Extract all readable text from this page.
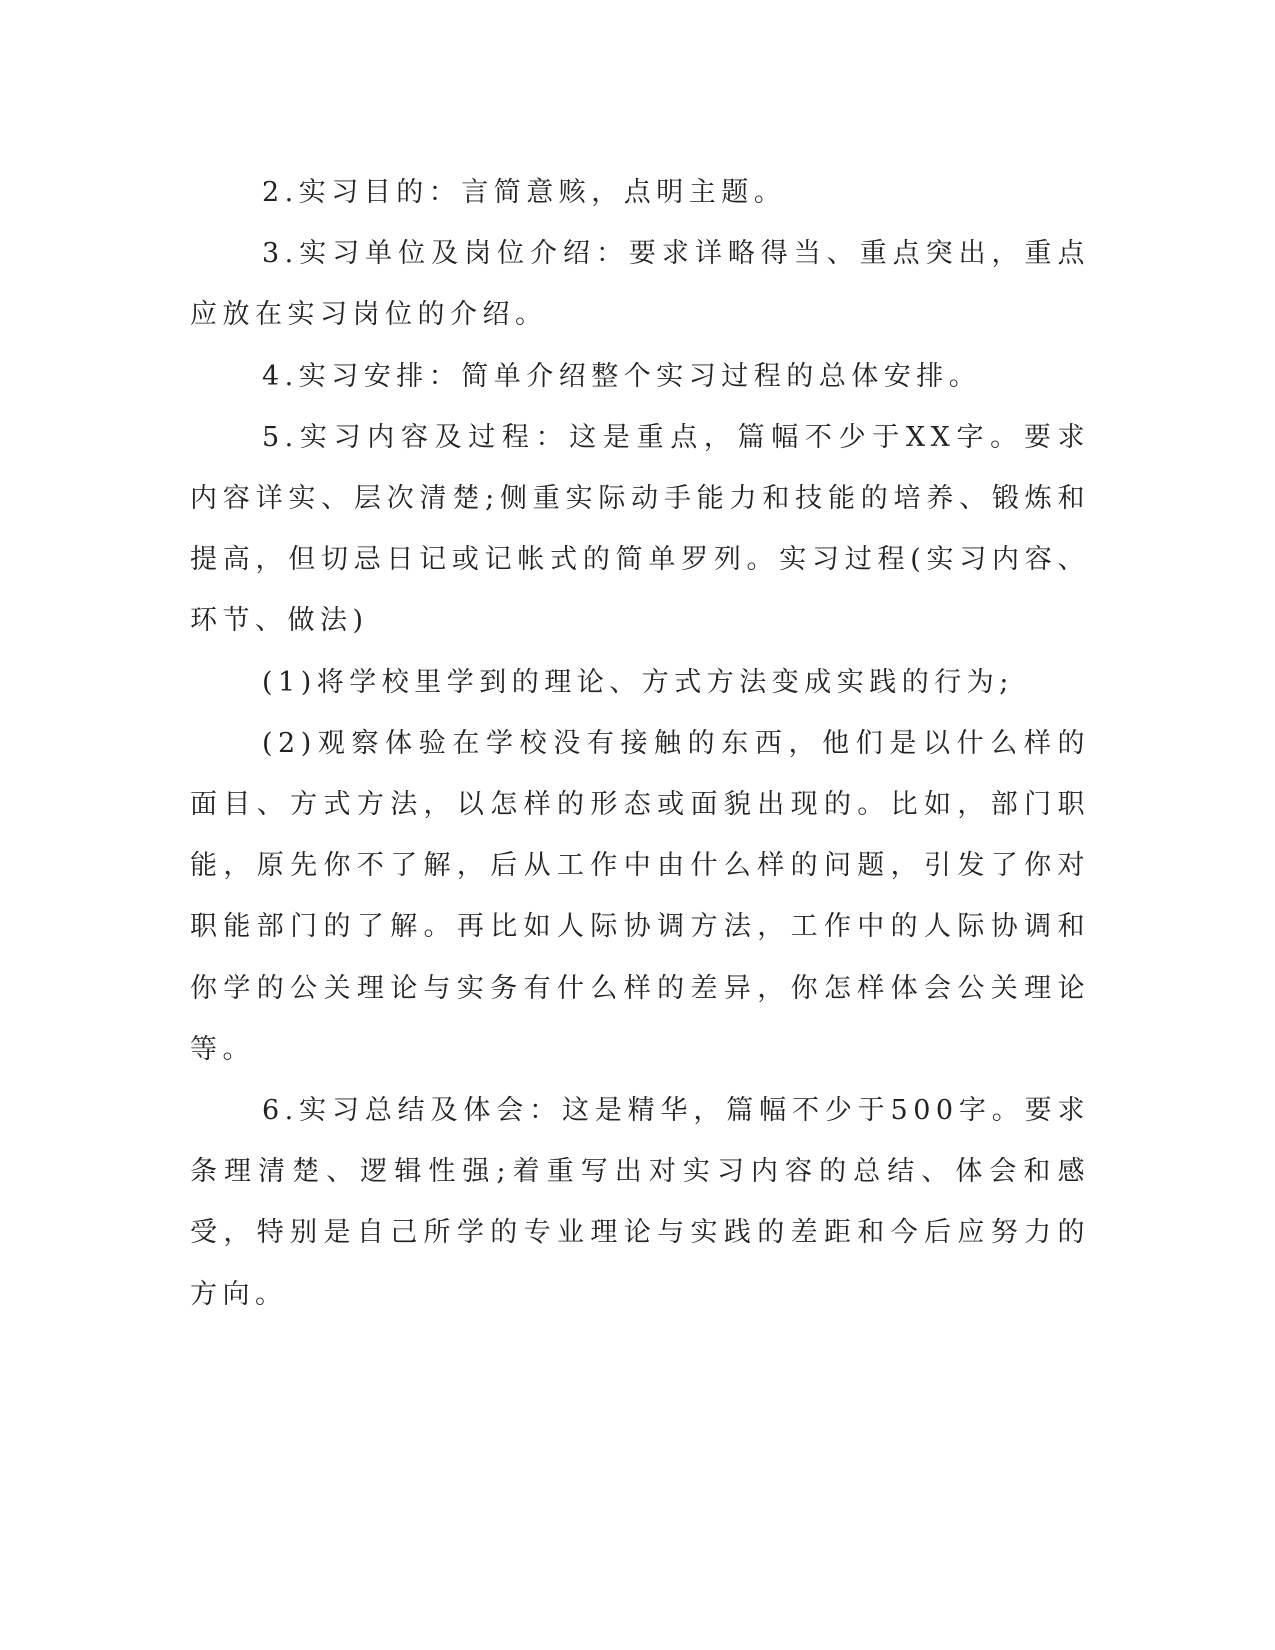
2.实习目的：言简意赅，点明主题。

3.实习单位及岗位介绍：要求详略得当、重点突出，重点应放在实习岗位的介绍。

4.实习安排：简单介绍整个实习过程的总体安排。

5.实习内容及过程：这是重点，篇幅不少于XX字。要求内容详实、层次清楚;侧重实际动手能力和技能的培养、锻炼和提高，但切忌日记或记帐式的简单罗列。实习过程(实习内容、环节、做法)

(1)将学校里学到的理论、方式方法变成实践的行为;

(2)观察体验在学校没有接触的东西，他们是以什么样的面目、方式方法，以怎样的形态或面貌出现的。比如，部门职能，原先你不了解，后从工作中由什么样的问题，引发了你对职能部门的了解。再比如人际协调方法，工作中的人际协调和你学的公关理论与实务有什么样的差异，你怎样体会公关理论等。

6.实习总结及体会：这是精华，篇幅不少于500字。要求条理清楚、逻辑性强;着重写出对实习内容的总结、体会和感受，特别是自己所学的专业理论与实践的差距和今后应努力的方向。
